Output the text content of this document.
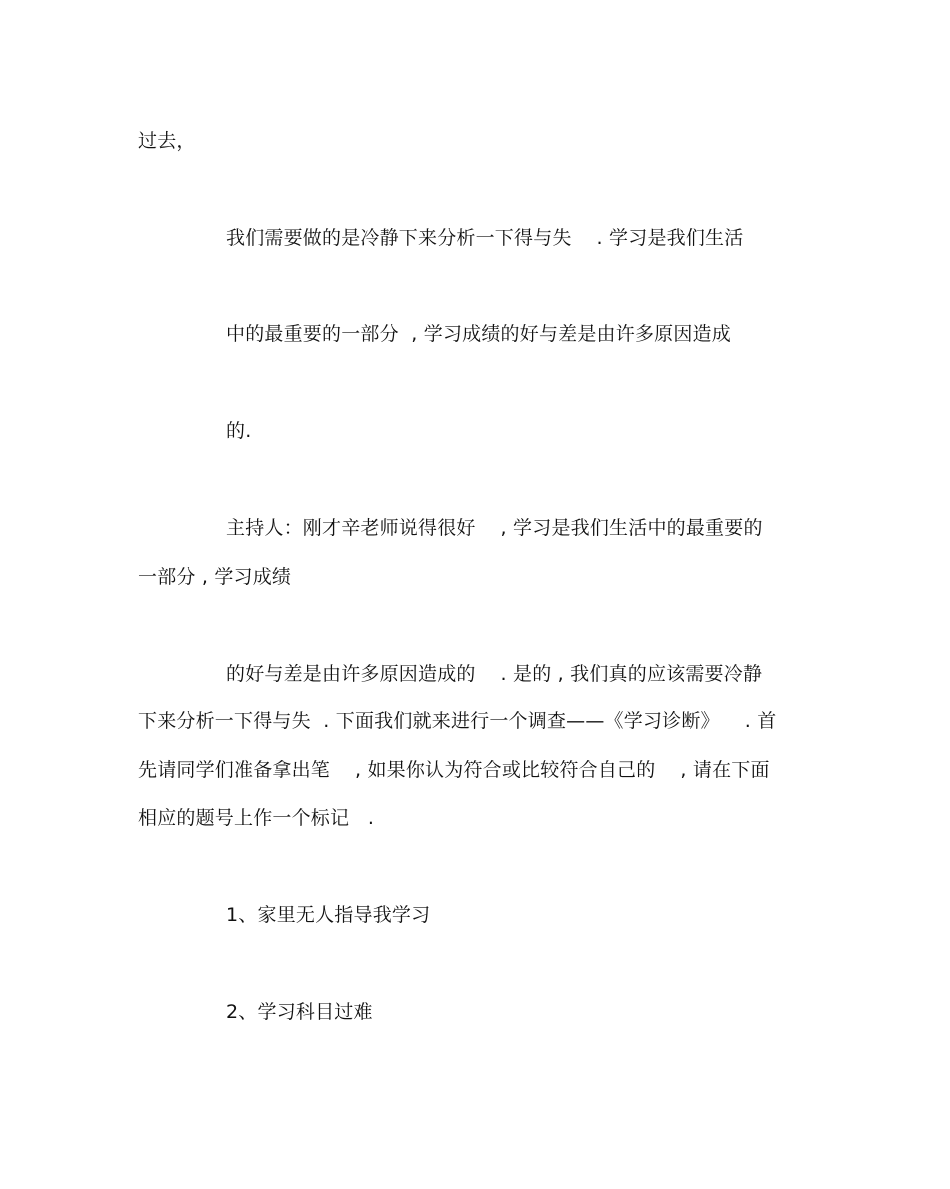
过去，
我们需要做的是冷静下来分析一下得与失    . 学习是我们生活
中的最重要的一部分  , 学习成绩的好与差是由许多原因造成
的.
主持人：刚才辛老师说得很好    , 学习是我们生活中的最重要的
一部分 , 学习成绩
的好与差是由许多原因造成的    . 是的 , 我们真的应该需要冷静
下来分析一下得与失  . 下面我们就来进行一个调查——《学习诊断》    . 首
先请同学们准备拿出笔    , 如果你认为符合或比较符合自己的    , 请在下面
相应的题号上作一个标记   .
1、家里无人指导我学习
2、学习科目过难
